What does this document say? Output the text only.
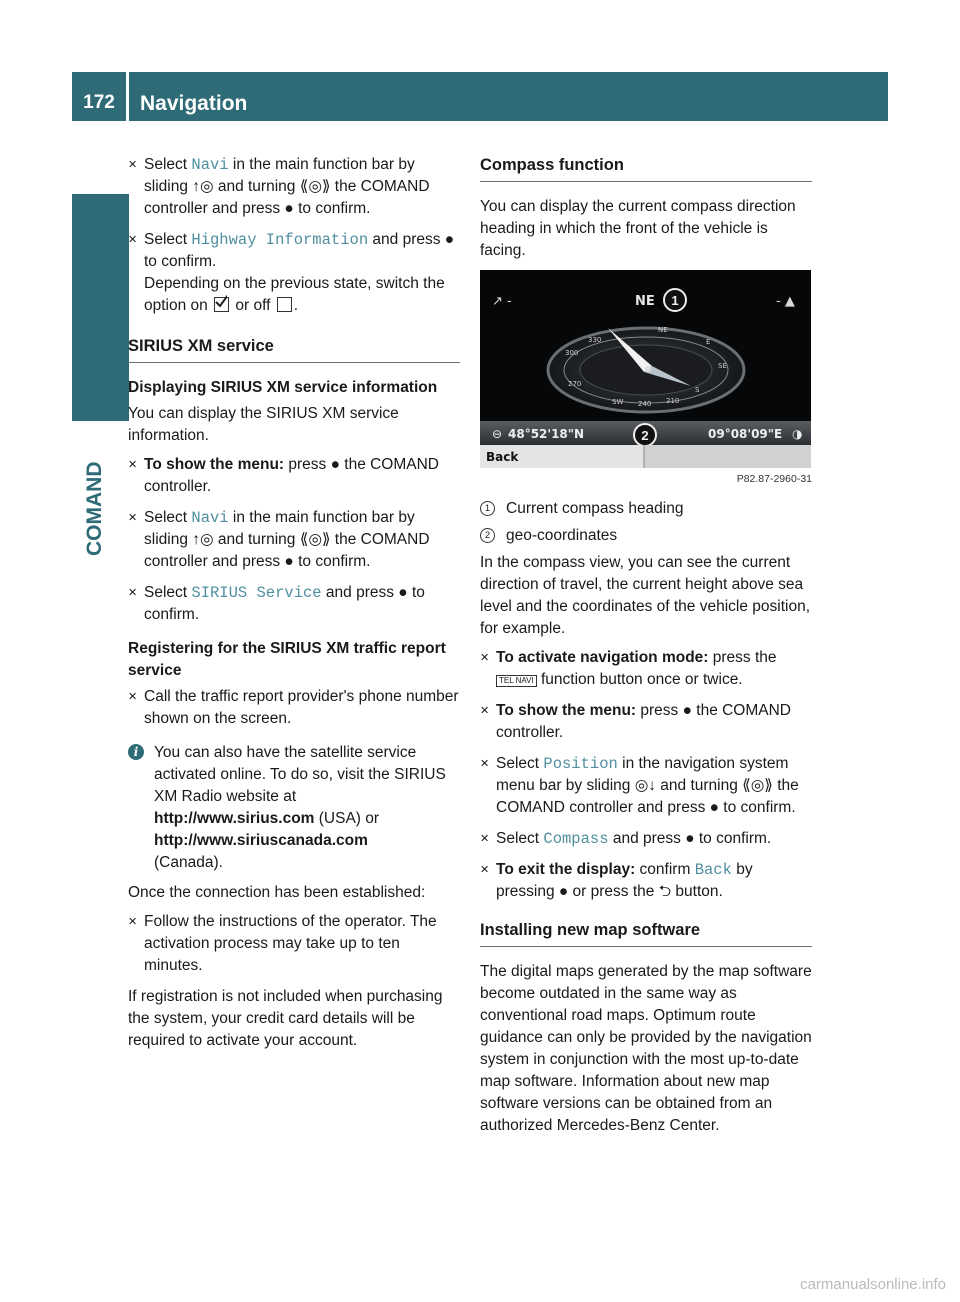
172	Navigation
COMAND
✕ Select Navi in the main function bar by sliding ↑◎ and turning ⟪◎⟫ the COMAND controller and press ● to confirm.
✕ Select Highway Information and press ● to confirm.
Depending on the previous state, switch the option on or off .
SIRIUS XM service
Displaying SIRIUS XM service information

You can display the SIRIUS XM service information.

✕ To show the menu: press ● the COMAND controller.
✕ Select Navi in the main function bar by sliding ↑◎ and turning ⟪◎⟫ the COMAND controller and press ● to confirm.
✕ Select SIRIUS Service and press ● to confirm.
Registering for the SIRIUS XM traffic report service
✕ Call the traffic report provider's phone number shown on the screen.
i	You can also have the satellite service activated online. To do so, visit the SIRIUS XM Radio website at
http://www.sirius.com (USA) or
http://www.siriuscanada.com
(Canada).

Once the connection has been established:

✕ Follow the instructions of the operator. The activation process may take up to ten minutes.

If registration is not included when purchasing the system, your credit card details will be required to activate your account.

Compass function

You can display the current compass direction heading in which the front of the vehicle is facing.

↗ -	- ▲
NE 1
300
330
NE
E
SE
S
210
240
SW
270
⊖ 48°52'18"N	09°08'09"E ◑
2
Back
P82.87-2960-31
1	Current compass heading
2	geo-coordinates

In the compass view, you can see the current direction of travel, the current height above sea level and the coordinates of the vehicle position, for example.

✕ To activate navigation mode: press the TEL NAVI function button once or twice.
✕ To show the menu: press ● the COMAND controller.
✕ Select Position in the navigation system menu bar by sliding ◎↓ and turning ⟪◎⟫ the COMAND controller and press ● to confirm.
✕ Select Compass and press ● to confirm.
✕ To exit the display: confirm Back by pressing ● or press the ⮌ button.
Installing new map software

The digital maps generated by the map software become outdated in the same way as conventional road maps. Optimum route guidance can only be provided by the navigation system in conjunction with the most up-to-date map software. Information about new map software versions can be obtained from an authorized Mercedes-Benz Center.

carmanualsonline.info
